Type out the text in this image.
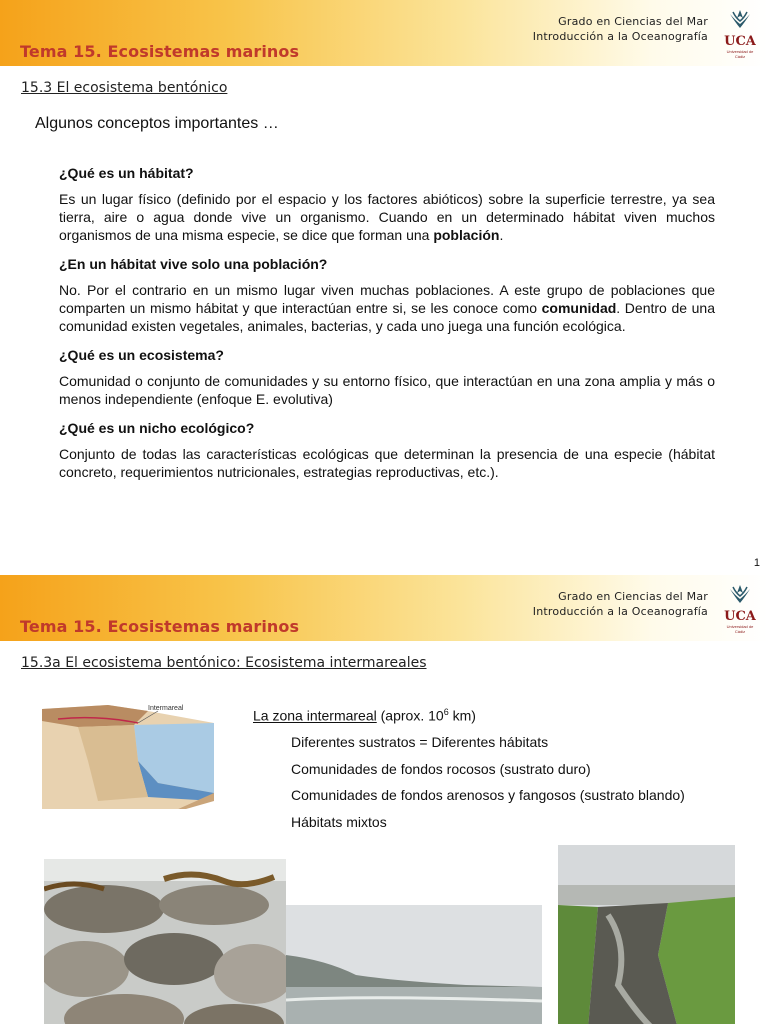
Grado en Ciencias del Mar
Introducción a la Oceanografía UCA
Universidad de Cádiz
Tema 15. Ecosistemas marinos
15.3 El ecosistema bentónico
Algunos conceptos importantes …
¿Qué es un hábitat?
Es un lugar físico (definido por el espacio y los factores abióticos) sobre la superficie terrestre, ya sea tierra, aire o agua donde vive un organismo. Cuando en un determinado hábitat viven muchos organismos de una misma especie, se dice que forman una población.
¿En un hábitat vive solo una población?
No. Por el contrario en un mismo lugar viven muchas poblaciones. A este grupo de poblaciones que comparten un mismo hábitat y que interactúan entre si, se les conoce como comunidad. Dentro de una comunidad existen vegetales, animales, bacterias, y cada uno juega una función ecológica.
¿Qué es un ecosistema?
Comunidad o conjunto de comunidades y su entorno físico, que interactúan en una zona amplia y más o menos independiente (enfoque E. evolutiva)
¿Qué es un nicho ecológico?
Conjunto de todas las características ecológicas que determinan la presencia de una especie (hábitat concreto, requerimientos nutricionales, estrategias reproductivas, etc.).
1
Grado en Ciencias del Mar
Introducción a la Oceanografía UCA
Universidad de Cádiz
Tema 15. Ecosistemas marinos
15.3a El ecosistema bentónico: Ecosistema intermareales
Intermareal	La zona intermareal (aprox. $10^6$ km)
Diferentes sustratos = Diferentes hábitats
Comunidades de fondos rocosos (sustrato duro)
Comunidades de fondos arenosos y fangosos (sustrato blando)
Hábitats mixtos
